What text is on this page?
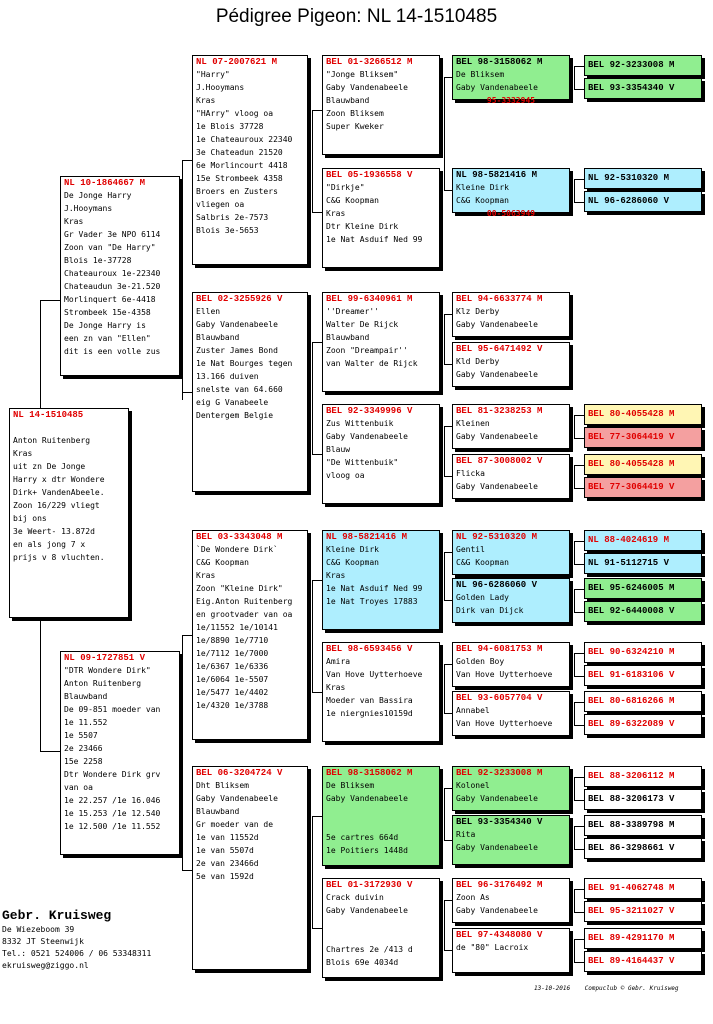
Pédigree Pigeon: NL 14-1510485
NL 14-1510485
Anton Ruitenberg
Kras
uit zn De Jonge
Harry x dtr Wondere
Dirk+ VandenAbeele.
Zoon 16/229 vliegt
bij ons
3e Weert- 13.872d
en als jong 7 x
prijs v 8 vluchten.
NL 10-1864667 M
De Jonge Harry
J.Hooymans
Kras
Gr Vader 3e NPO 6114
Zoon van "De Harry"
Blois 1e-37728
Chateauroux 1e-22340
Chateaudun 3e-21.520
Morlinquert 6e-4418
Strombeek 15e-4358
De Jonge Harry is
een zn van "Ellen"
dit is een volle zus
NL 09-1727851 V
"DTR Wondere Dirk"
Anton Ruitenberg
Blauwband
De 09-851 moeder van
1e 11.552
1e 5507
2e 23466
15e 2258
Dtr Wondere Dirk grv
van oa
1e 22.257 /1e 16.046
1e 15.253 /1e 12.540
1e 12.500 /1e 11.552
NL 07-2007621 M
"Harry"
J.Hooymans
Kras
"HArry" vloog oa
1e Blois 37728
1e Chateauroux 22340
3e Chateadun 21520
6e Morlincourt 4418
15e Strombeek 4358
Broers en Zusters
vliegen oa
Salbris 2e-7573
Blois 3e-5653
BEL 02-3255926 V
Ellen
Gaby Vandenabeele
Blauwband
Zuster James Bond
1e Nat Bourges tegen
13.166 duiven
snelste van 64.660
eig G Vanabeele
Dentergem Belgie
BEL 03-3343048 M
`De Wondere Dirk`
C&G Koopman
Kras
Zoon "Kleine Dirk"
Eig.Anton Ruitenberg
en grootvader van oa
1e/11552 1e/10141
1e/8890 1e/7710
1e/7112 1e/7000
1e/6367 1e/6336
1e/6064 1e-5507
1e/5477 1e/4402
1e/4320 1e/3788
BEL 06-3204724 V
Dht Bliksem
Gaby Vandenabeele
Blauwband
Gr moeder van de
1e van 11552d
1e van 5507d
2e van 23466d
5e van 1592d
BEL 01-3266512 M
"Jonge Bliksem"
Gaby Vandenabeele
Blauwband
Zoon Bliksem
Super Kweker
BEL 05-1936558 V
"Dirkje"
C&G Koopman
Kras
Dtr Kleine Dirk
1e Nat Asduif Ned 99
BEL 99-6340961 M
''Dreamer''
Walter De Rijck
Blauwband
Zoon "Dreampair''
van Walter de Rijck
BEL 92-3349996 V
Zus Wittenbuik
Gaby Vandenabeele
Blauw
"De Wittenbuik"
vloog oa
NL 98-5821416 M
Kleine Dirk
C&G Koopman
Kras
1e Nat Asduif Ned 99
1e Nat Troyes 17883
BEL 98-6593456 V
Amira
Van Hove Uytterhoeve
Kras
Moeder van Bassira
1e niergnies10159d
BEL 98-3158062 M
De Bliksem
Gaby Vandenabeele
5e cartres 664d
1e Poitiers 1448d
BEL 01-3172930 V
Crack duivin
Gaby Vandenabeele
Chartres 2e /413 d
Blois 69e 4034d
BEL 98-3158062 M
De Bliksem
Gaby Vandenabeele
95-3332945
NL 98-5821416 M
Kleine Dirk
C&G Koopman
00-5063949
BEL 94-6633774 M
Klz Derby
Gaby Vandenabeele
BEL 95-6471492 V
Kld Derby
Gaby Vandenabeele
BEL 81-3238253 M
Kleinen
Gaby Vandenabeele
BEL 87-3008002 V
Flicka
Gaby Vandenabeele
NL 92-5310320 M
Gentil
C&G Koopman
NL 96-6286060 V
Golden Lady
Dirk van Dijck
BEL 94-6081753 M
Golden Boy
Van Hove Uytterhoeve
BEL 93-6057704 V
Annabel
Van Hove Uytterhoeve
BEL 92-3233008 M
Kolonel
Gaby Vandenabeele
BEL 93-3354340 V
Rita
Gaby Vandenabeele
BEL 96-3176492 M
Zoon As
Gaby Vandenabeele
BEL 97-4348080 V
de "80" Lacroix
BEL 92-3233008 M
BEL 93-3354340 V
NL 92-5310320 M
NL 96-6286060 V
BEL 80-4055428 M
BEL 77-3064419 V
BEL 80-4055428 M
BEL 77-3064419 V
NL 88-4024619 M
NL 91-5112715 V
BEL 95-6246005 M
BEL 92-6440008 V
BEL 90-6324210 M
BEL 91-6183106 V
BEL 80-6816266 M
BEL 89-6322089 V
BEL 88-3206112 M
BEL 88-3206173 V
BEL 88-3389798 M
BEL 86-3298661 V
BEL 91-4062748 M
BEL 95-3211027 V
BEL 89-4291170 M
BEL 89-4164437 V
Gebr. Kruisweg
De Wiezeboom 39
8332 JT Steenwijk
Tel.: 0521 524006 / 06 53348311
ekruisweg@ziggo.nl
13-10-2016 Compuclub © Gebr. Kruisweg
